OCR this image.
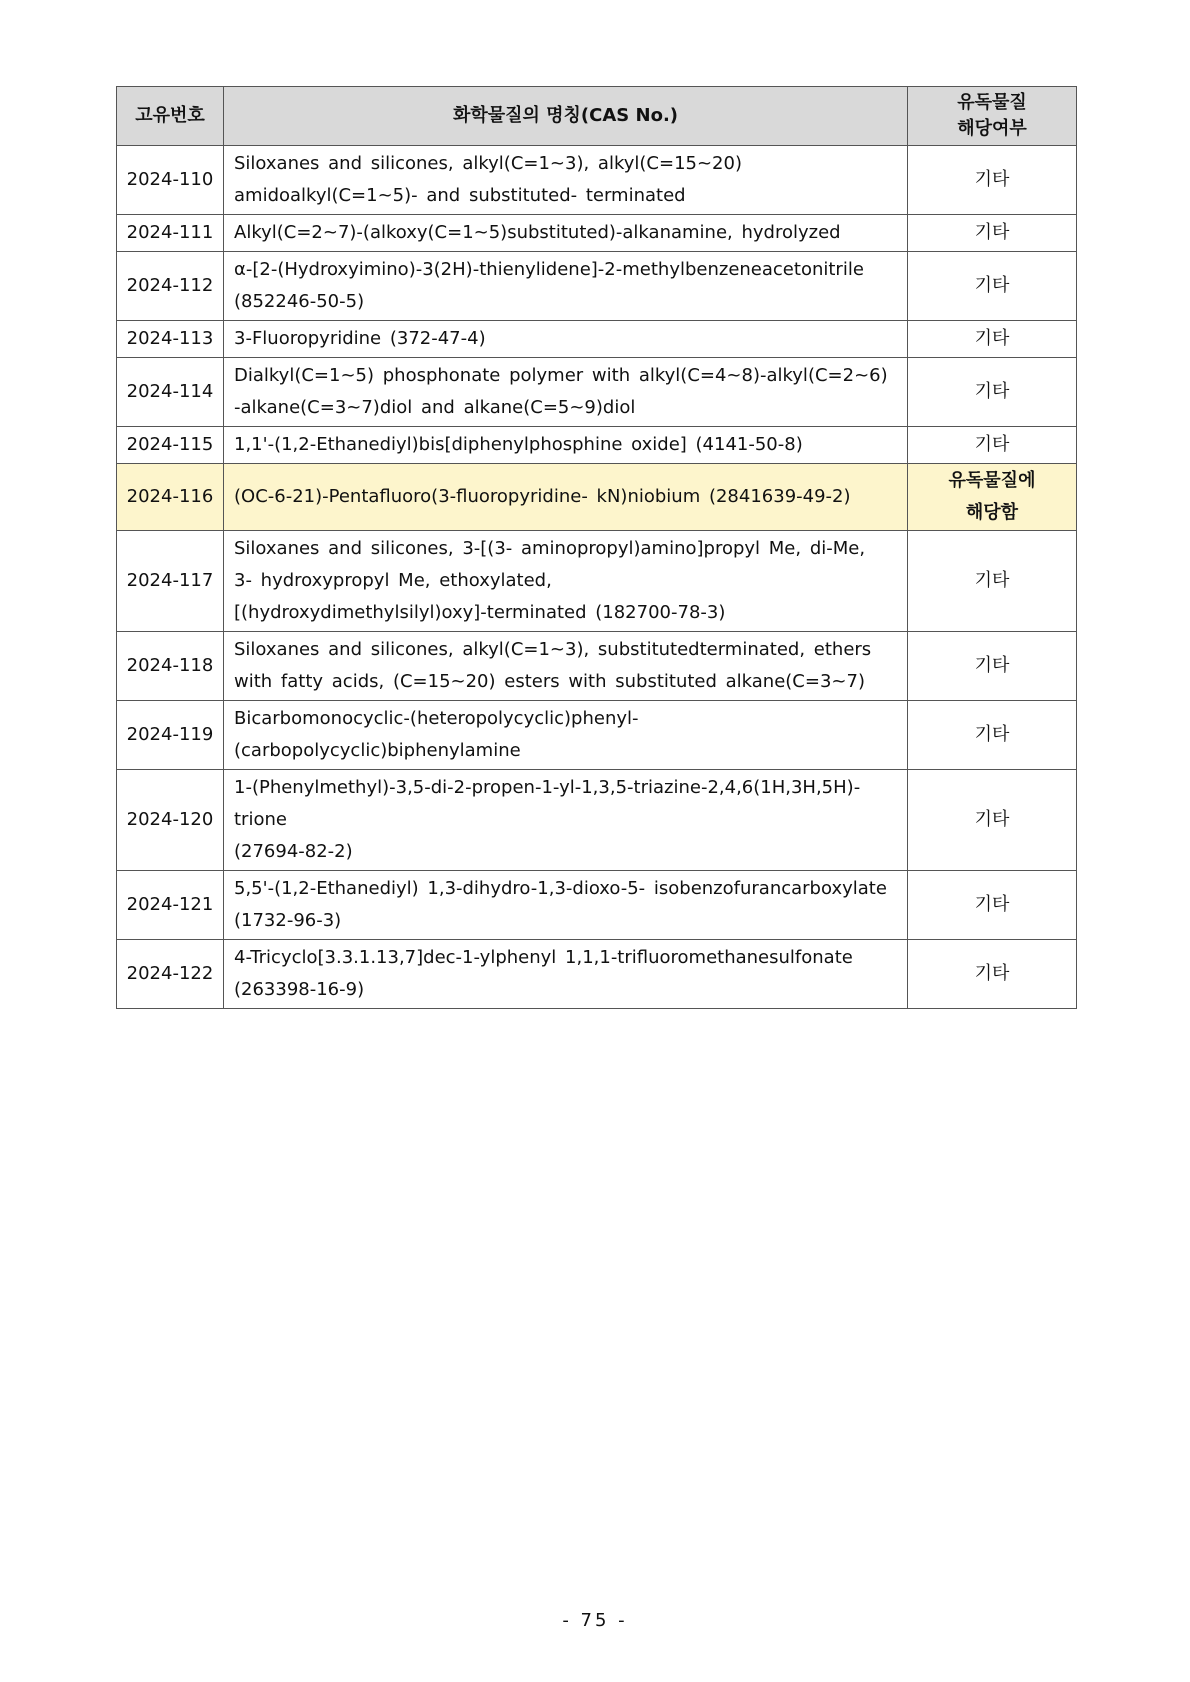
고유번호	화학물질의 명칭(CAS No.)	유독물질
해당여부

2024-110	Siloxanes and silicones, alkyl(C=1~3), alkyl(C=15~20)
amidoalkyl(C=1~5)- and substituted- terminated	기타
2024-111	Alkyl(C=2~7)-(alkoxy(C=1~5)substituted)-alkanamine, hydrolyzed	기타
2024-112	α-[2-(Hydroxyimino)-3(2H)-thienylidene]-2-methylbenzeneacetonitrile
(852246-50-5)	기타
2024-113	3-Fluoropyridine (372-47-4)	기타
2024-114	Dialkyl(C=1~5) phosphonate polymer with alkyl(C=4~8)-alkyl(C=2~6)
-alkane(C=3~7)diol and alkane(C=5~9)diol	기타
2024-115	1,1'-(1,2-Ethanediyl)bis[diphenylphosphine oxide] (4141-50-8)	기타
2024-116	(OC-6-21)-Pentafluoro(3-fluoropyridine- kN)niobium (2841639-49-2)	유독물질에
해당함

2024-117	Siloxanes and silicones, 3-[(3- aminopropyl)amino]propyl Me, di-Me,
3- hydroxypropyl Me, ethoxylated,
[(hydroxydimethylsilyl)oxy]-terminated (182700-78-3)	기타
2024-118	Siloxanes and silicones, alkyl(C=1~3), substitutedterminated, ethers
with fatty acids, (C=15~20) esters with substituted alkane(C=3~7)	기타
2024-119	Bicarbomonocyclic-(heteropolycyclic)phenyl-(carbopolycyclic)biphenylamine	기타
2024-120	1-(Phenylmethyl)-3,5-di-2-propen-1-yl-1,3,5-triazine-2,4,6(1H,3H,5H)-trione
(27694-82-2)	기타
2024-121	5,5'-(1,2-Ethanediyl) 1,3-dihydro-1,3-dioxo-5- isobenzofurancarboxylate
(1732-96-3)	기타
2024-122	4-Tricyclo[3.3.1.13,7]dec-1-ylphenyl 1,1,1-trifluoromethanesulfonate
(263398-16-9)	기타
- 75 -
